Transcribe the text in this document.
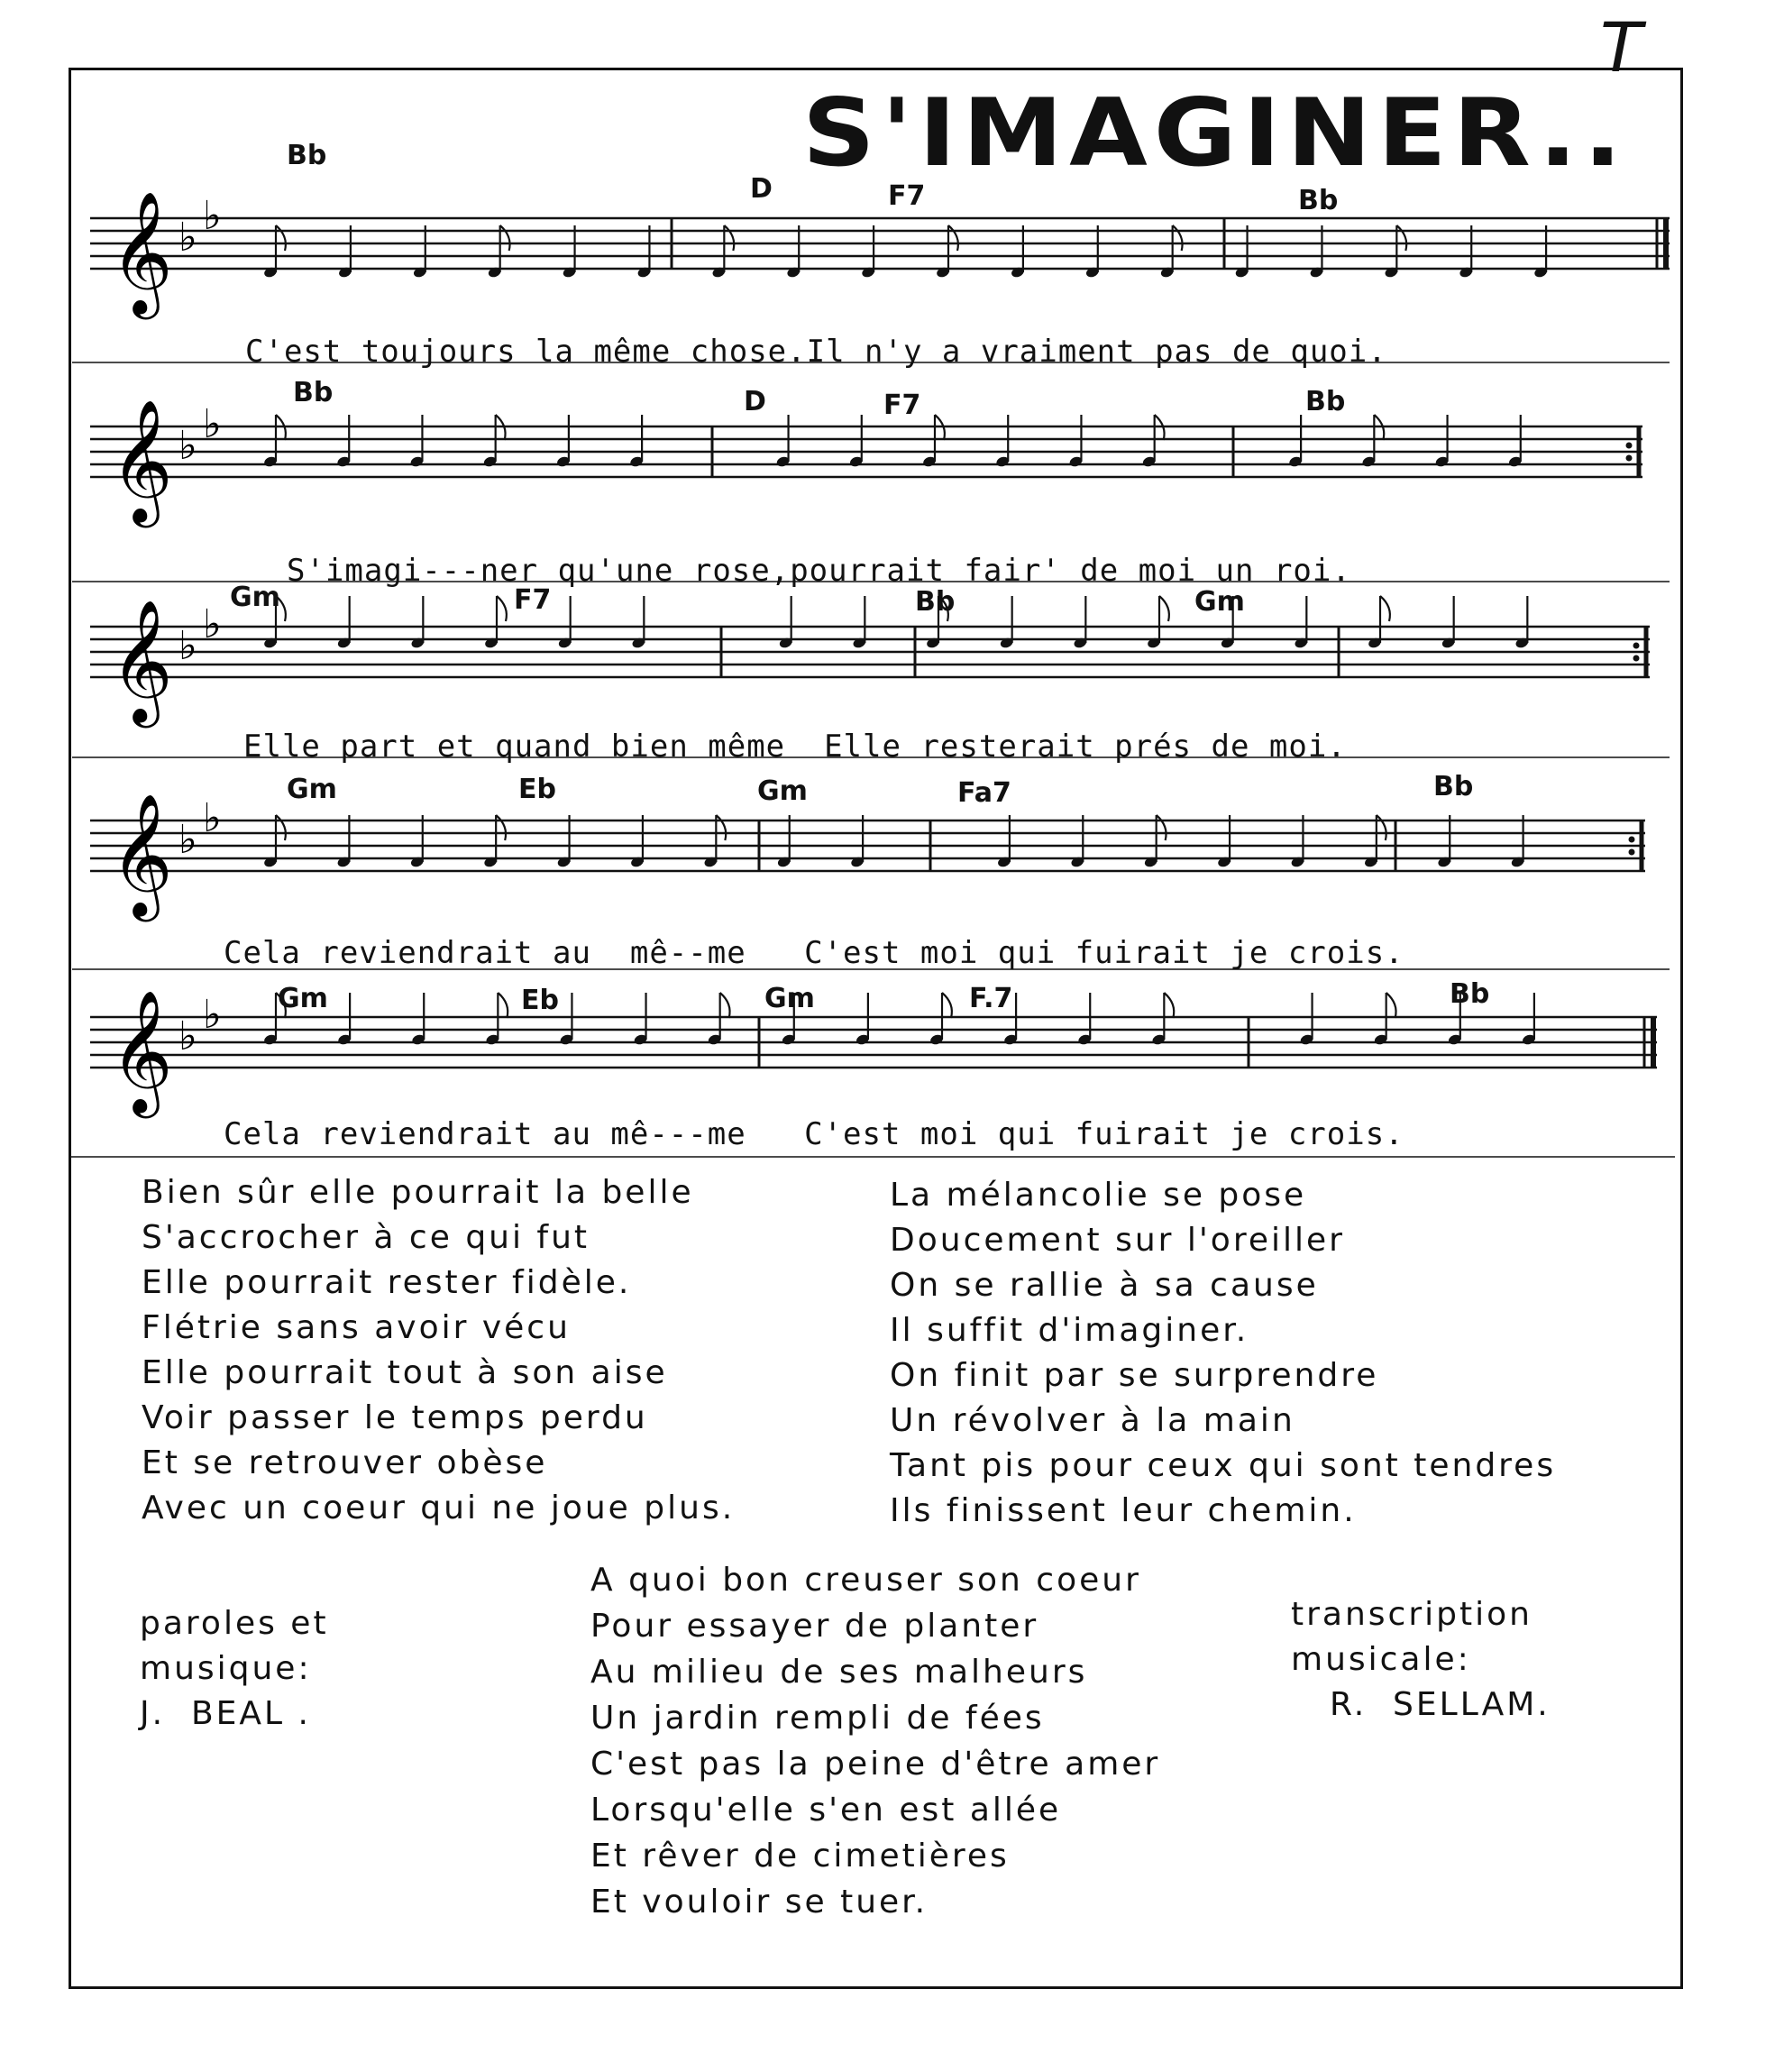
T
S'IMAGINER..
𝄞 ♭ ♭
𝄞 ♭ ♭
𝄞 ♭ ♭
𝄞 ♭ ♭
𝄞 ♭ ♭
Bb
D	F7	Bb
C'est toujours la même chose.Il n'y a vraiment pas de quoi.
Bb	D	F7	Bb
S'imagi---ner qu'une rose,pourrait fair' de moi un roi.
Gm	F7	Bb	Gm
Elle part et quand bien même  Elle resterait prés de moi.
Gm	Eb	Gm	Fa7	Bb
Cela reviendrait au  mê--me   C'est moi qui fuirait je crois.
Gm	Eb	Gm	F.7	Bb
Cela reviendrait au mê---me   C'est moi qui fuirait je crois.
Bien sûr elle pourrait la belle
S'accrocher à ce qui fut
Elle pourrait rester fidèle.
Flétrie sans avoir vécu
Elle pourrait tout à son aise
Voir passer le temps perdu
Et se retrouver obèse
Avec un coeur qui ne joue plus.
La mélancolie se pose
Doucement sur l'oreiller
On se rallie à sa cause
Il suffit d'imaginer.
On finit par se surprendre
Un révolver à la main
Tant pis pour ceux qui sont tendres
Ils finissent leur chemin.
A quoi bon creuser son coeur
Pour essayer de planter
Au milieu de ses malheurs
Un jardin rempli de fées
C'est pas la peine d'être amer
Lorsqu'elle s'en est allée
Et rêver de cimetières
Et vouloir se tuer.
paroles et
musique:
J.  BEAL .
transcription
musicale:
R.  SELLAM.
